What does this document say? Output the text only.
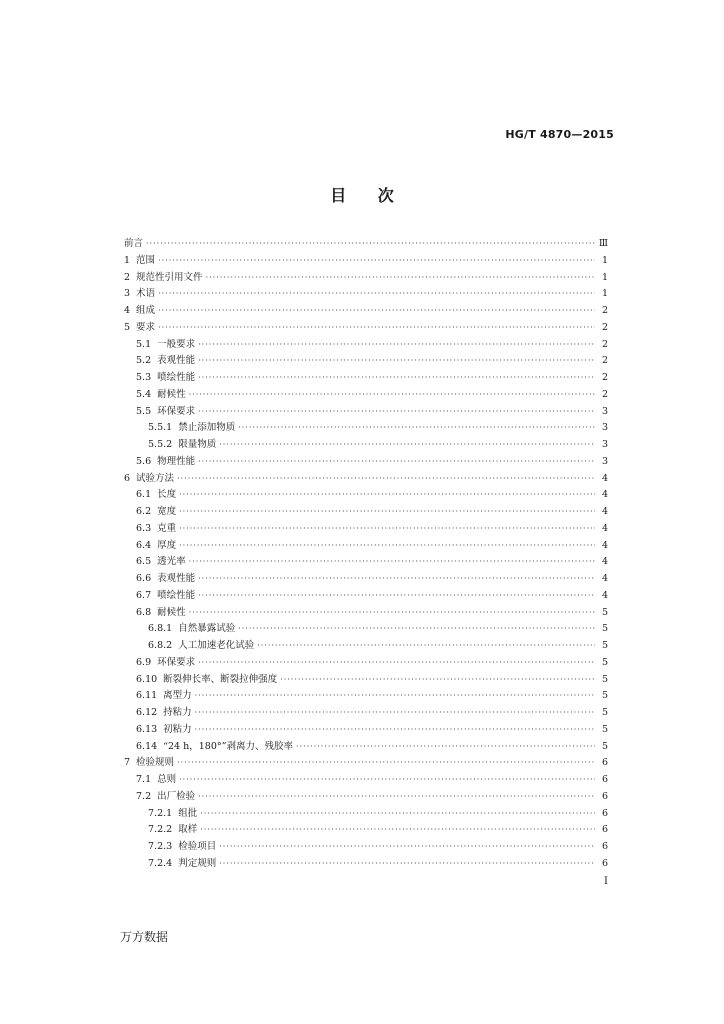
HG/T 4870—2015
目 次
前言 ·····	Ⅲ
1 范围 ·····	1
2 规范性引用文件 ·····	1
3 术语 ·····	1
4 组成 ·····	2
5 要求 ·····	2
5.1 一般要求 ·····	2
5.2 表观性能 ·····	2
5.3 喷绘性能 ·····	2
5.4 耐候性 ·····	2
5.5 环保要求 ·····	3
5.5.1 禁止添加物质 ·····	3
5.5.2 限量物质 ·····	3
5.6 物理性能 ·····	3
6 试验方法 ·····	4
6.1 长度 ·····	4
6.2 宽度 ·····	4
6.3 克重 ·····	4
6.4 厚度 ·····	4
6.5 透光率 ·····	4
6.6 表观性能 ·····	4
6.7 喷绘性能 ·····	4
6.8 耐候性 ·····	5
6.8.1 自然暴露试验 ·····	5
6.8.2 人工加速老化试验 ·····	5
6.9 环保要求 ·····	5
6.10 断裂伸长率、断裂拉伸强度 ·····	5
6.11 离型力 ·····	5
6.12 持粘力 ·····	5
6.13 初粘力 ·····	5
6.14 “24 h，180°”剥离力、残胶率 ·····	5
7 检验规则 ·····	6
7.1 总则 ·····	6
7.2 出厂检验 ·····	6
7.2.1 组批 ·····	6
7.2.2 取样 ·····	6
7.2.3 检验项目 ·····	6
7.2.4 判定规则 ·····	6
I
万方数据
